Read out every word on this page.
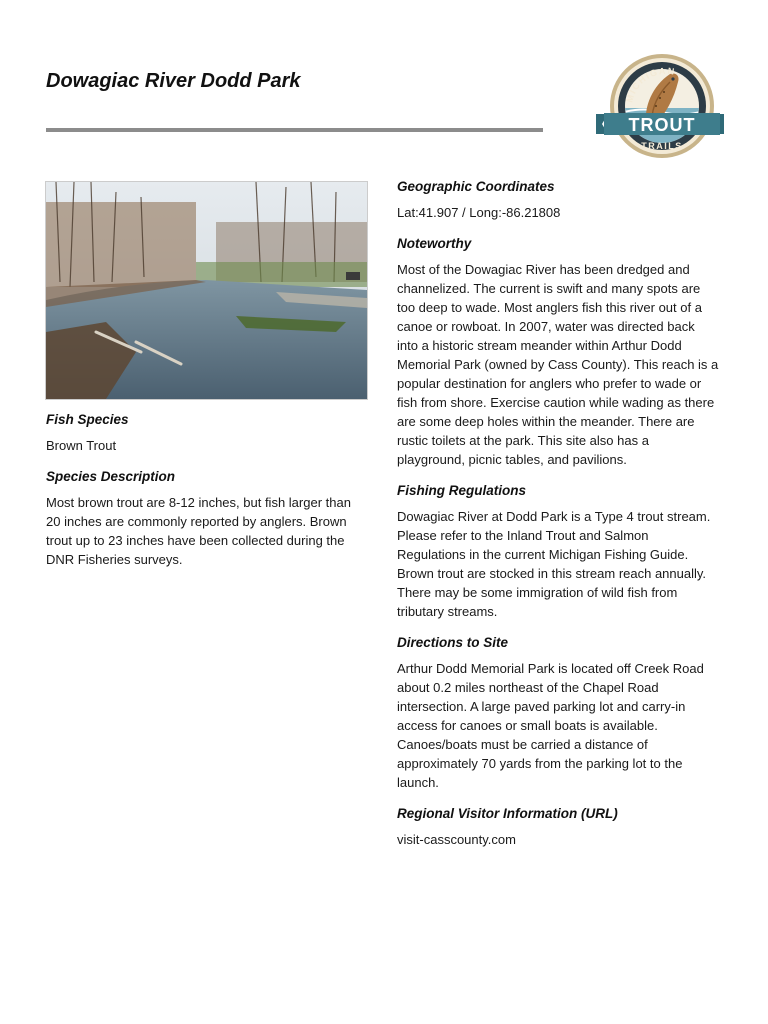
Dowagiac River Dodd Park
MICHIGAN
TROUT
TRAILS
Fish Species
Brown Trout
Species Description
Most brown trout are 8-12 inches, but fish larger than 20 inches are commonly reported by anglers. Brown trout up to 23 inches have been collected during the DNR Fisheries surveys.
Geographic Coordinates
Lat:41.907 / Long:-86.21808
Noteworthy
Most of the Dowagiac River has been dredged and channelized. The current is swift and many spots are too deep to wade. Most anglers fish this river out of a canoe or rowboat. In 2007, water was directed back into a historic stream meander within Arthur Dodd Memorial Park (owned by Cass County). This reach is a popular destination for anglers who prefer to wade or fish from shore. Exercise caution while wading as there are some deep holes within the meander. There are rustic toilets at the park. This site also has a playground, picnic tables, and pavilions.
Fishing Regulations
Dowagiac River at Dodd Park is a Type 4 trout stream. Please refer to the Inland Trout and Salmon Regulations in the current Michigan Fishing Guide. Brown trout are stocked in this stream reach annually. There may be some immigration of wild fish from tributary streams.
Directions to Site
Arthur Dodd Memorial Park is located off Creek Road about 0.2 miles northeast of the Chapel Road intersection. A large paved parking lot and carry-in access for canoes or small boats is available. Canoes/boats must be carried a distance of approximately 70 yards from the parking lot to the launch.
Regional Visitor Information (URL)
visit-casscounty.com
